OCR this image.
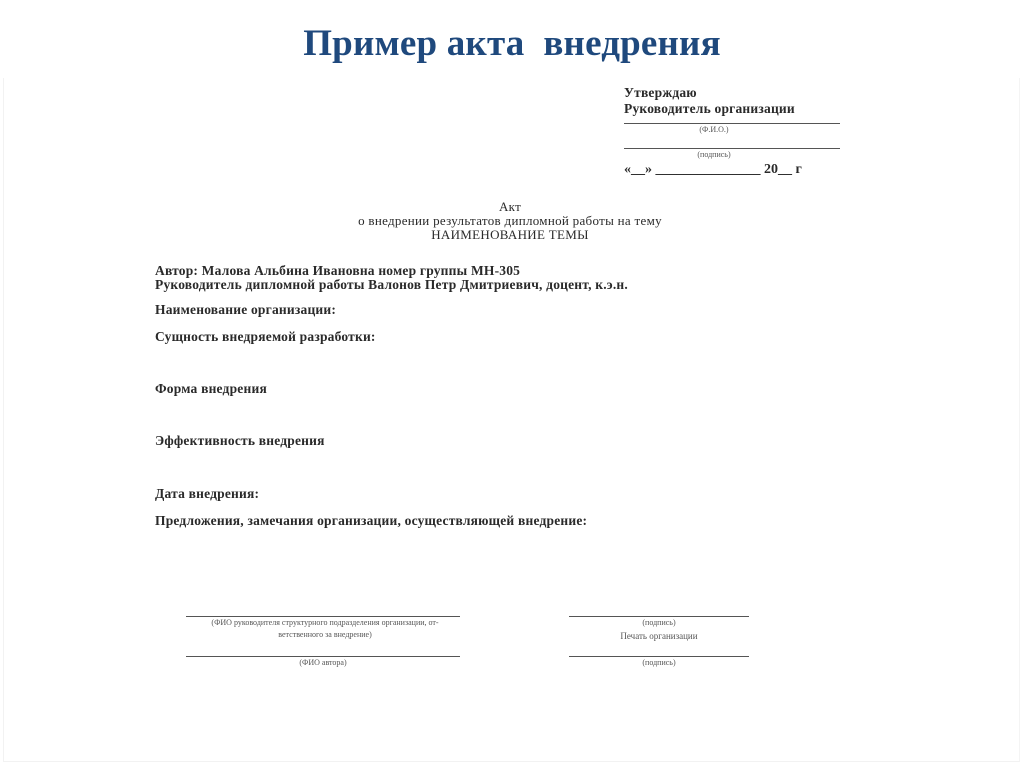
Пример акта  внедрения
Утверждаю
Руководитель организации
(Ф.И.О.)
(подпись)
«__» _______________ 20__ г
Акт
о внедрении результатов дипломной работы на тему
НАИМЕНОВАНИЕ ТЕМЫ
Автор: Малова Альбина Ивановна номер группы МН-305
Руководитель дипломной работы Валонов Петр Дмитриевич, доцент, к.э.н.
Наименование организации:
Сущность внедряемой разработки:
Форма внедрения
Эффективность внедрения
Дата внедрения:
Предложения, замечания организации, осуществляющей внедрение:
(ФИО руководителя структурного подразделения организации, от-
ветственного за внедрение)
(ФИО автора)
(подпись)
Печать организации
(подпись)
